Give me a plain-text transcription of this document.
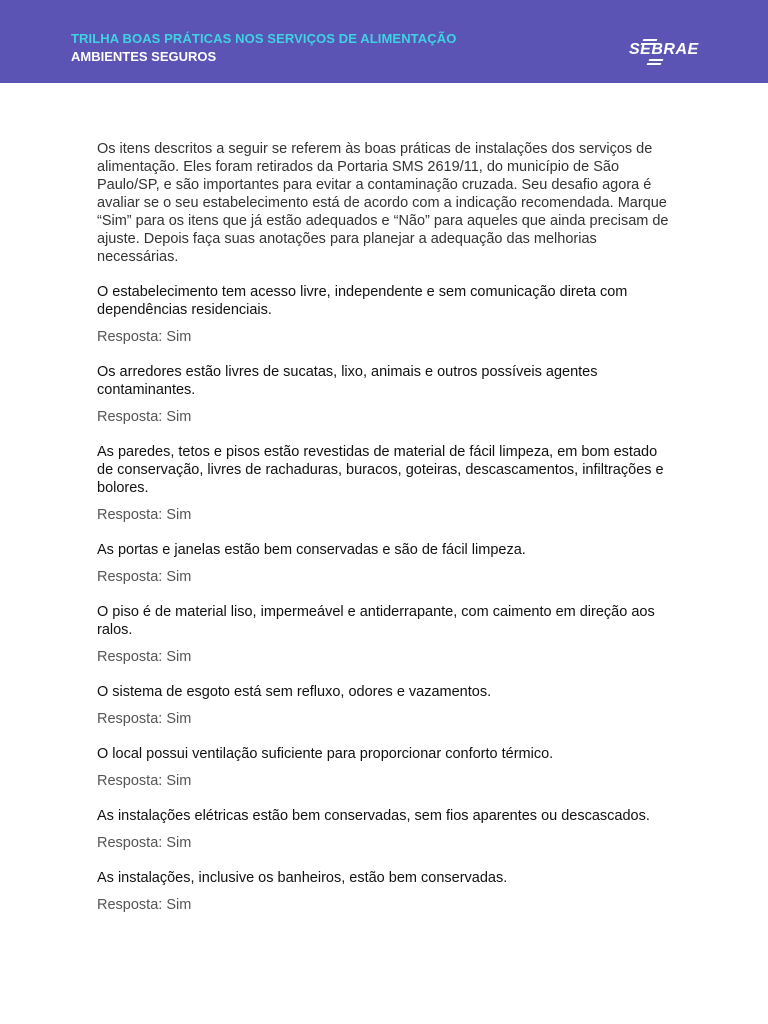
TRILHA BOAS PRÁTICAS NOS SERVIÇOS DE ALIMENTAÇÃO
AMBIENTES SEGUROS	SEBRAE

Os itens descritos a seguir se referem às boas práticas de instalações dos serviços de alimentação. Eles foram retirados da Portaria SMS 2619/11, do município de São Paulo/SP, e são importantes para evitar a contaminação cruzada. Seu desafio agora é avaliar se o seu estabelecimento está de acordo com a indicação recomendada. Marque “Sim” para os itens que já estão adequados e “Não” para aqueles que ainda precisam de ajuste. Depois faça suas anotações para planejar a adequação das melhorias necessárias.

O estabelecimento tem acesso livre, independente e sem comunicação direta com dependências residenciais.

Resposta: Sim

Os arredores estão livres de sucatas, lixo, animais e outros possíveis agentes contaminantes.

Resposta: Sim

As paredes, tetos e pisos estão revestidas de material de fácil limpeza, em bom estado de conservação, livres de rachaduras, buracos, goteiras, descascamentos, infiltrações e bolores.

Resposta: Sim

As portas e janelas estão bem conservadas e são de fácil limpeza.

Resposta: Sim

O piso é de material liso, impermeável e antiderrapante, com caimento em direção aos ralos.

Resposta: Sim

O sistema de esgoto está sem refluxo, odores e vazamentos.

Resposta: Sim

O local possui ventilação suficiente para proporcionar conforto térmico.

Resposta: Sim

As instalações elétricas estão bem conservadas, sem fios aparentes ou descascados.

Resposta: Sim

As instalações, inclusive os banheiros, estão bem conservadas.

Resposta: Sim
